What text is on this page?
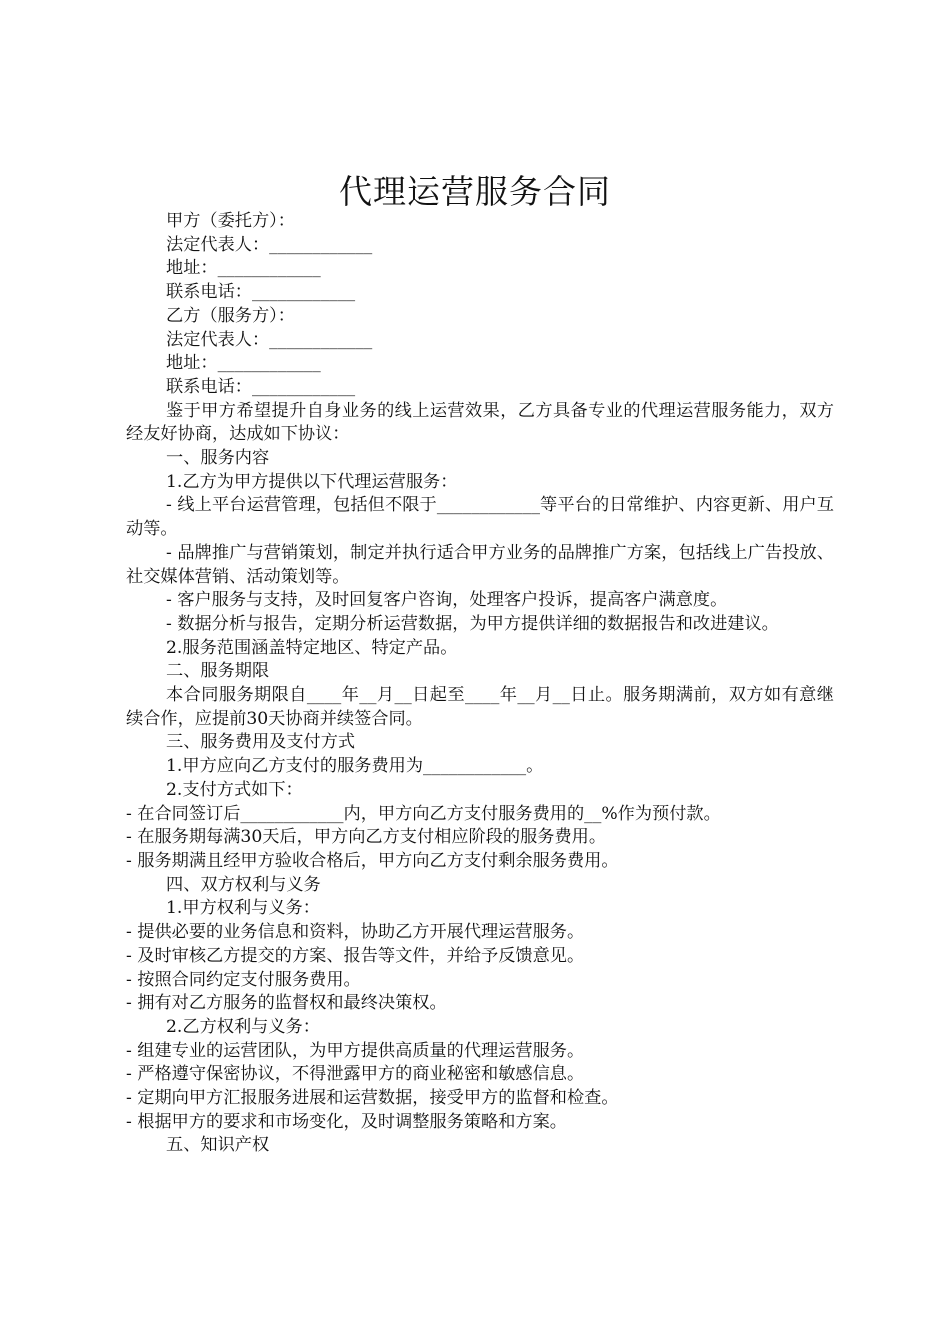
代理运营服务合同
甲方（委托方）：
法定代表人：____________
地址：____________
联系电话：____________
乙方（服务方）：
法定代表人：____________
地址：____________
联系电话：____________
鉴于甲方希望提升自身业务的线上运营效果，乙方具备专业的代理运营服务能力，双方经友好协商，达成如下协议：
一、服务内容
1.乙方为甲方提供以下代理运营服务：
- 线上平台运营管理，包括但不限于____________等平台的日常维护、内容更新、用户互动等。
- 品牌推广与营销策划，制定并执行适合甲方业务的品牌推广方案，包括线上广告投放、社交媒体营销、活动策划等。
- 客户服务与支持，及时回复客户咨询，处理客户投诉，提高客户满意度。
- 数据分析与报告，定期分析运营数据，为甲方提供详细的数据报告和改进建议。
2.服务范围涵盖特定地区、特定产品。
二、服务期限
本合同服务期限自____年__月__日起至____年__月__日止。服务期满前，双方如有意继续合作，应提前30天协商并续签合同。
三、服务费用及支付方式
1.甲方应向乙方支付的服务费用为____________。
2.支付方式如下：
- 在合同签订后____________内，甲方向乙方支付服务费用的__%作为预付款。
- 在服务期每满30天后，甲方向乙方支付相应阶段的服务费用。
- 服务期满且经甲方验收合格后，甲方向乙方支付剩余服务费用。
四、双方权利与义务
1.甲方权利与义务：
- 提供必要的业务信息和资料，协助乙方开展代理运营服务。
- 及时审核乙方提交的方案、报告等文件，并给予反馈意见。
- 按照合同约定支付服务费用。
- 拥有对乙方服务的监督权和最终决策权。
2.乙方权利与义务：
- 组建专业的运营团队，为甲方提供高质量的代理运营服务。
- 严格遵守保密协议，不得泄露甲方的商业秘密和敏感信息。
- 定期向甲方汇报服务进展和运营数据，接受甲方的监督和检查。
- 根据甲方的要求和市场变化，及时调整服务策略和方案。
五、知识产权
